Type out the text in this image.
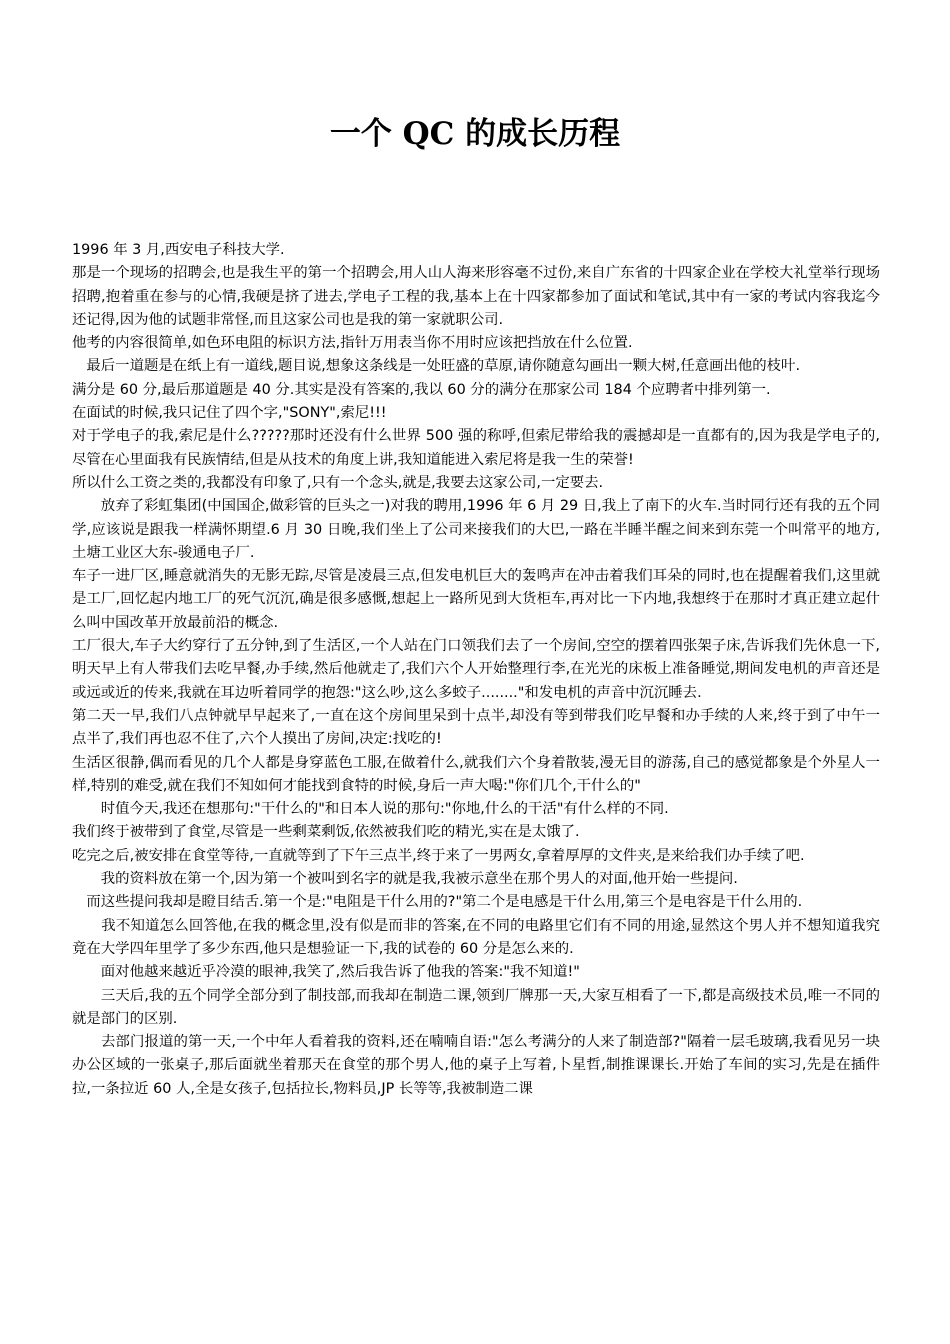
一个 QC 的成长历程

1996 年 3 月,西安电子科技大学.

那是一个现场的招聘会,也是我生平的第一个招聘会,用人山人海来形容毫不过份,来自广东省的十四家企业在学校大礼堂举行现场招聘,抱着重在参与的心情,我硬是挤了进去,学电子工程的我,基本上在十四家都参加了面试和笔试,其中有一家的考试内容我迄今还记得,因为他的试题非常怪,而且这家公司也是我的第一家就职公司.

他考的内容很简单,如色环电阻的标识方法,指针万用表当你不用时应该把挡放在什么位置.

　最后一道题是在纸上有一道线,题目说,想象这条线是一处旺盛的草原,请你随意勾画出一颗大树,任意画出他的枝叶.

满分是 60 分,最后那道题是 40 分.其实是没有答案的,我以 60 分的满分在那家公司 184 个应聘者中排列第一.

在面试的时候,我只记住了四个字,"SONY",索尼!!!

对于学电子的我,索尼是什么?????那时还没有什么世界 500 强的称呼,但索尼带给我的震撼却是一直都有的,因为我是学电子的,尽管在心里面我有民族情结,但是从技术的角度上讲,我知道能进入索尼将是我一生的荣誉!

所以什么工资之类的,我都没有印象了,只有一个念头,就是,我要去这家公司,一定要去.

　　放弃了彩虹集团(中国国企,做彩管的巨头之一)对我的聘用,1996 年 6 月 29 日,我上了南下的火车.当时同行还有我的五个同学,应该说是跟我一样满怀期望.6 月 30 日晚,我们坐上了公司来接我们的大巴,一路在半睡半醒之间来到东莞一个叫常平的地方,土塘工业区大东-骏通电子厂.

车子一进厂区,睡意就消失的无影无踪,尽管是凌晨三点,但发电机巨大的轰鸣声在冲击着我们耳朵的同时,也在提醒着我们,这里就是工厂,回忆起内地工厂的死气沉沉,确是很多感慨,想起上一路所见到大货柜车,再对比一下内地,我想终于在那时才真正建立起什么叫中国改革开放最前沿的概念.

工厂很大,车子大约穿行了五分钟,到了生活区,一个人站在门口领我们去了一个房间,空空的摆着四张架子床,告诉我们先休息一下,明天早上有人带我们去吃早餐,办手续,然后他就走了,我们六个人开始整理行李,在光光的床板上准备睡觉,期间发电机的声音还是或远或近的传来,我就在耳边听着同学的抱怨:"这么吵,这么多蛟子........"和发电机的声音中沉沉睡去.

第二天一早,我们八点钟就早早起来了,一直在这个房间里呆到十点半,却没有等到带我们吃早餐和办手续的人来,终于到了中午一点半了,我们再也忍不住了,六个人摸出了房间,决定:找吃的!

生活区很静,偶而看见的几个人都是身穿蓝色工服,在做着什么,就我们六个身着散装,漫无目的游荡,自己的感觉都象是个外星人一样,特别的难受,就在我们不知如何才能找到食特的时候,身后一声大喝:"你们几个,干什么的"

　　时值今天,我还在想那句:"干什么的"和日本人说的那句:"你地,什么的干活"有什么样的不同.

我们终于被带到了食堂,尽管是一些剩菜剩饭,依然被我们吃的精光,实在是太饿了.

吃完之后,被安排在食堂等待,一直就等到了下午三点半,终于来了一男两女,拿着厚厚的文件夹,是来给我们办手续了吧.

　　我的资料放在第一个,因为第一个被叫到名字的就是我,我被示意坐在那个男人的对面,他开始一些提问.

　而这些提问我却是瞪目结舌.第一个是:"电阻是干什么用的?"第二个是电感是干什么用,第三个是电容是干什么用的.

　　我不知道怎么回答他,在我的概念里,没有似是而非的答案,在不同的电路里它们有不同的用途,显然这个男人并不想知道我究竟在大学四年里学了多少东西,他只是想验证一下,我的试卷的 60 分是怎么来的.

　　面对他越来越近乎冷漠的眼神,我笑了,然后我告诉了他我的答案:"我不知道!"

　　三天后,我的五个同学全部分到了制技部,而我却在制造二课,领到厂牌那一天,大家互相看了一下,都是高级技术员,唯一不同的就是部门的区别.

　　去部门报道的第一天,一个中年人看着我的资料,还在喃喃自语:"怎么考满分的人来了制造部?"隔着一层毛玻璃,我看见另一块办公区域的一张桌子,那后面就坐着那天在食堂的那个男人,他的桌子上写着,卜星哲,制推课课长.开始了车间的实习,先是在插件拉,一条拉近 60 人,全是女孩子,包括拉长,物料员,JP 长等等,我被制造二课
